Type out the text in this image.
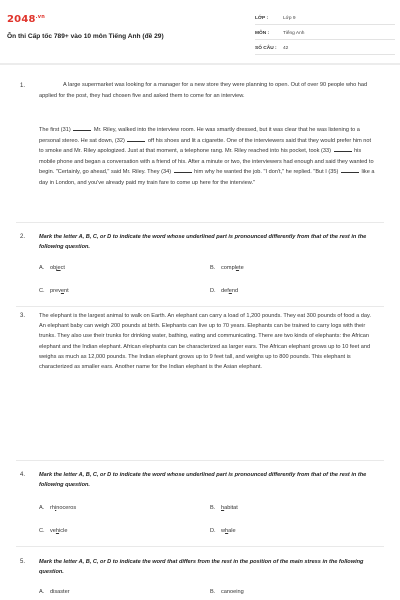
$2048^{.vn}$
Ôn thi Cấp tốc 789+ vào 10 môn Tiếng Anh (đề 29)
LỚP :	Lớp 9
MÔN :	Tiếng Anh
SỐ CÂU : 42
1.	A large supermarket was looking for a manager for a new store they were planning to open. Out of over 90 people who had applied for the post, they had chosen five and asked them to come for an interview.
The first (31)	Mr. Riley, walked into the interview room. He was smartly dressed, but it was clear that he was listening to a personal stereo. He sat down, (32)	off his shoes and lit a cigarette. One of the interviewers said that they would prefer him not to smoke and Mr. Riley apologized. Just at that moment, a telephone rang. Mr. Riley reached into his pocket, took (33)	his mobile phone and began a conversation with a friend of his. After a minute or two, the interviewers had enough and said they wanted to begin. "Certainly, go ahead," said Mr. Riley. They (34)	him why he wanted the job. "I don't," he replied. "But I (35)	like a day in London, and you've already paid my train fare to come up here for the interview."
2. Mark the letter A, B, C, or D to indicate the word whose underlined part is pronounced differently from that of the rest in the following question.
A. object	B. complete
C. prevent	D. defend
3. The elephant is the largest animal to walk on Earth. An elephant can carry a load of 1,200 pounds. They eat 300 pounds of food a day. An elephant baby can weigh 200 pounds at birth. Elephants can live up to 70 years. Elephants can be trained to carry logs with their trunks. They also use their trunks for drinking water, bathing, eating and communicating. There are two kinds of elephants: the African elephant and the Indian elephant. African elephants can be characterized as larger ears. The African elephant grows up to 10 feet and weighs as much as 12,000 pounds. The Indian elephant grows up to 9 feet tall, and weighs up to 800 pounds. This elephant is characterized as smaller ears. Another name for the Indian elephant is the Asian elephant.
4. Mark the letter A, B, C, or D to indicate the word whose underlined part is pronounced differently from that of the rest in the following question.
A. rhinoceros	B. habitat
C. vehicle	D. whale
5. Mark the letter A, B, C, or D to indicate the word that differs from the rest in the position of the main stress in the following question.
A. disaster	B. canoeing
